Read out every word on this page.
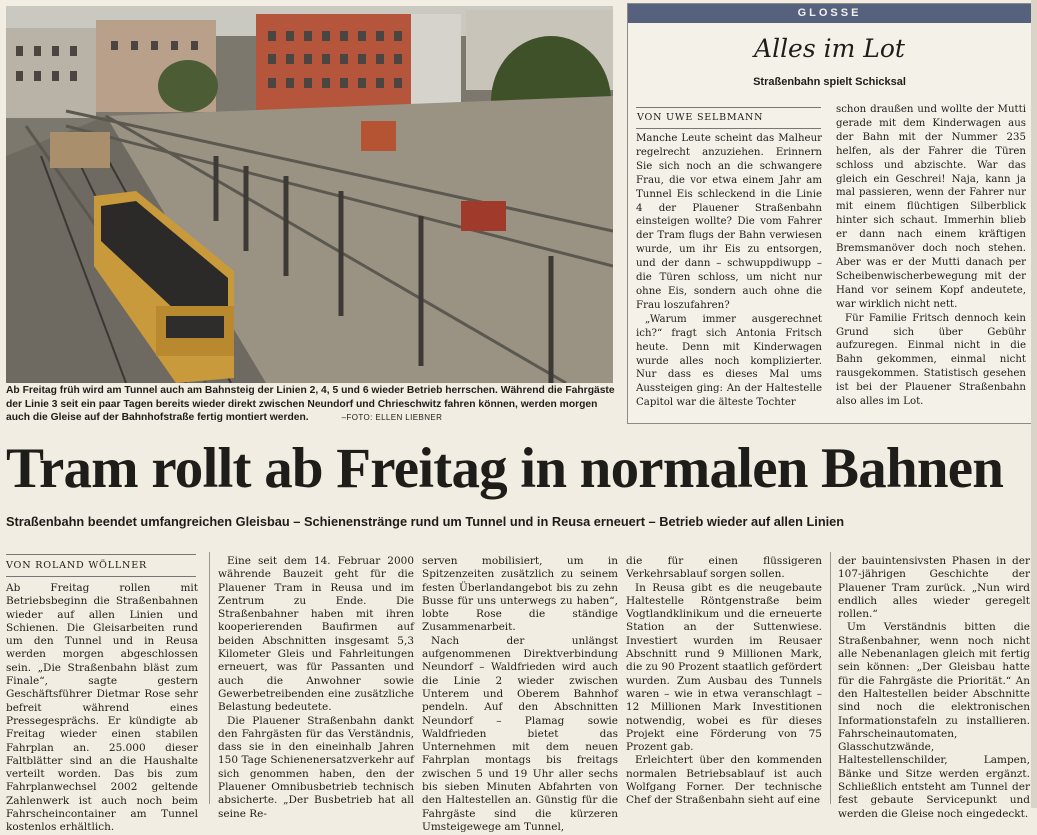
Ab Freitag früh wird am Tunnel auch am Bahnsteig der Linien 2, 4, 5 und 6 wieder Betrieb herrschen. Während die Fahrgäste der Linie 3 seit ein paar Tagen bereits wieder direkt zwischen Neundorf und Chrieschwitz fahren können, werden morgen auch die Gleise auf der Bahnhofstraße fertig montiert werden.	–FOTO: ELLEN LIEBNER
GLOSSE
Alles im Lot
Straßenbahn spielt Schicksal
VON UWE SELBMANN

Manche Leute scheint das Malheur regelrecht anzuziehen. Erinnern Sie sich noch an die schwangere Frau, die vor etwa einem Jahr am Tunnel Eis schleckend in die Linie 4 der Plauener Straßenbahn einsteigen wollte? Die vom Fahrer der Tram flugs der Bahn verwiesen wurde, um ihr Eis zu entsorgen, und der dann – schwuppdiwupp – die Türen schloss, um nicht nur ohne Eis, sondern auch ohne die Frau loszufahren?

„Warum immer ausgerechnet ich?“ fragt sich Antonia Fritsch heute. Denn mit Kinderwagen wurde alles noch komplizierter. Nur dass es dieses Mal ums Aussteigen ging: An der Haltestelle Capitol war die älteste Tochter

schon draußen und wollte der Mutti gerade mit dem Kinderwagen aus der Bahn mit der Nummer 235 helfen, als der Fahrer die Türen schloss und abzischte. War das gleich ein Geschrei! Naja, kann ja mal passieren, wenn der Fahrer nur mit einem flüchtigen Silberblick hinter sich schaut. Immerhin blieb er dann nach einem kräftigen Bremsmanöver doch noch stehen. Aber was er der Mutti danach per Scheibenwischerbewegung mit der Hand vor seinem Kopf andeutete, war wirklich nicht nett.

Für Familie Fritsch dennoch kein Grund sich über Gebühr aufzuregen. Einmal nicht in die Bahn gekommen, einmal nicht rausgekommen. Statistisch gesehen ist bei der Plauener Straßenbahn also alles im Lot.

Tram rollt ab Freitag in normalen Bahnen
Straßenbahn beendet umfangreichen Gleisbau – Schienenstränge rund um Tunnel und in Reusa erneuert – Betrieb wieder auf allen Linien
VON ROLAND WÖLLNER

Ab Freitag rollen mit Betriebsbeginn die Straßenbahnen wieder auf allen Linien und Schienen. Die Gleisarbeiten rund um den Tunnel und in Reusa werden morgen abgeschlossen sein. „Die Straßenbahn bläst zum Finale“, sagte gestern Geschäftsführer Dietmar Rose sehr befreit während eines Pressegesprächs. Er kündigte ab Freitag wieder einen stabilen Fahrplan an. 25.000 dieser Faltblätter sind an die Haushalte verteilt worden. Das bis zum Fahrplanwechsel 2002 geltende Zahlenwerk ist auch noch beim Fahrscheincontainer am Tunnel kostenlos erhältlich.

Eine seit dem 14. Februar 2000 währende Bauzeit geht für die Plauener Tram in Reusa und im Zentrum zu Ende. Die Straßenbahner haben mit ihren kooperierenden Baufirmen auf beiden Abschnitten insgesamt 5,3 Kilometer Gleis und Fahrleitungen erneuert, was für Passanten und auch die Anwohner sowie Gewerbetreibenden eine zusätzliche Belastung bedeutete.

Die Plauener Straßenbahn dankt den Fahrgästen für das Verständnis, dass sie in den eineinhalb Jahren 150 Tage Schienenersatzverkehr auf sich genommen haben, den der Plauener Omnibusbetrieb technisch absicherte. „Der Busbetrieb hat all seine Re-

serven mobilisiert, um in Spitzenzeiten zusätzlich zu seinem festen Überlandangebot bis zu zehn Busse für uns unterwegs zu haben“, lobte Rose die ständige Zusammenarbeit.

Nach der unlängst aufgenommenen Direktverbindung Neundorf – Waldfrieden wird auch die Linie 2 wieder zwischen Unterem und Oberem Bahnhof pendeln. Auf den Abschnitten Neundorf – Plamag sowie Waldfrieden bietet das Unternehmen mit dem neuen Fahrplan montags bis freitags zwischen 5 und 19 Uhr aller sechs bis sieben Minuten Abfahrten von den Haltestellen an. Günstig für die Fahrgäste sind die kürzeren Umsteigewege am Tunnel,

die für einen flüssigeren Verkehrsablauf sorgen sollen.

In Reusa gibt es die neugebaute Haltestelle Röntgenstraße beim Vogtlandklinikum und die erneuerte Station an der Suttenwiese. Investiert wurden im Reusaer Abschnitt rund 9 Millionen Mark, die zu 90 Prozent staatlich gefördert wurden. Zum Ausbau des Tunnels waren – wie in etwa veranschlagt – 12 Millionen Mark Investitionen notwendig, wobei es für dieses Projekt eine Förderung von 75 Prozent gab.

Erleichtert über den kommenden normalen Betriebsablauf ist auch Wolfgang Forner. Der technische Chef der Straßenbahn sieht auf eine

der bauintensivsten Phasen in der 107-jährigen Geschichte der Plauener Tram zurück. „Nun wird endlich alles wieder geregelt rollen.“

Um Verständnis bitten die Straßenbahner, wenn noch nicht alle Nebenanlagen gleich mit fertig sein können: „Der Gleisbau hatte für die Fahrgäste die Priorität.“ An den Haltestellen beider Abschnitte sind noch die elektronischen Informationstafeln zu installieren. Fahrscheinautomaten, Glasschutzwände, Haltestellenschilder, Lampen, Bänke und Sitze werden ergänzt. Schließlich entsteht am Tunnel der fest gebaute Servicepunkt und werden die Gleise noch eingedeckt.
